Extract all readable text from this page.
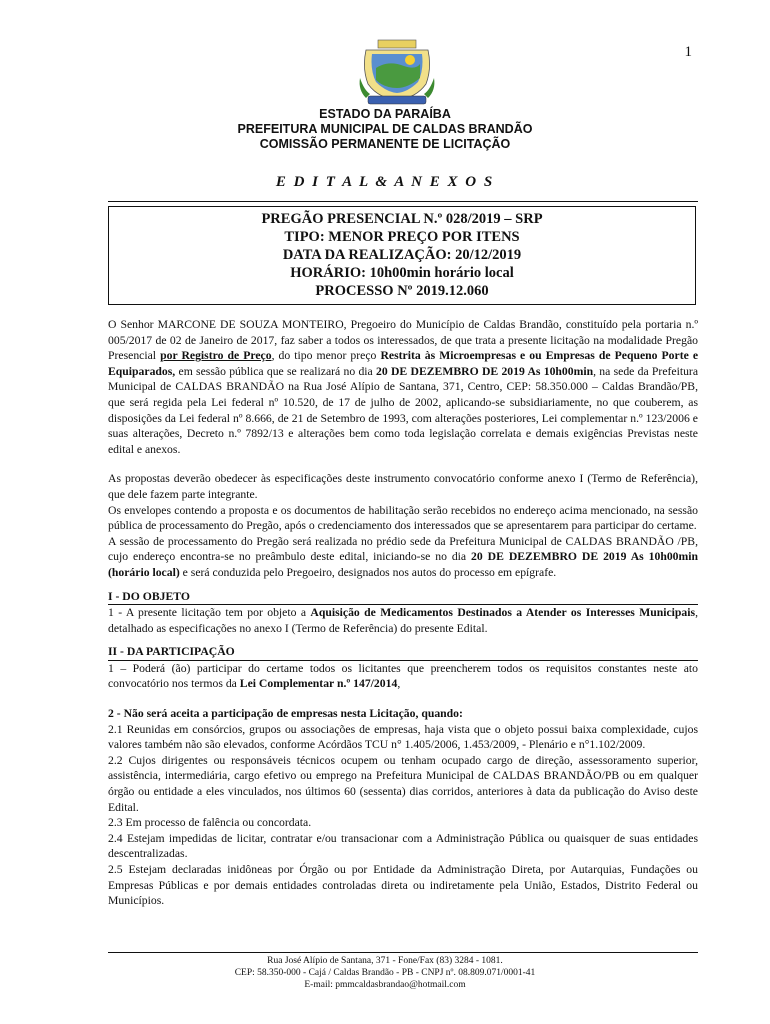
1
ESTADO DA PARAÍBA
PREFEITURA MUNICIPAL DE CALDAS BRANDÃO
COMISSÃO PERMANENTE DE LICITAÇÃO
E D I T A L & A N E X O S
PREGÃO PRESENCIAL N.º 028/2019 – SRP
TIPO: MENOR PREÇO POR ITENS
DATA DA REALIZAÇÃO: 20/12/2019
HORÁRIO: 10h00min horário local
PROCESSO Nº 2019.12.060

O Senhor MARCONE DE SOUZA MONTEIRO, Pregoeiro do Município de Caldas Brandão, constituído pela portaria n.º 005/2017 de 02 de Janeiro de 2017, faz saber a todos os interessados, de que trata a presente licitação na modalidade Pregão Presencial por Registro de Preço, do tipo menor preço Restrita às Microempresas e ou Empresas de Pequeno Porte e Equiparados, em sessão pública que se realizará no dia 20 DE DEZEMBRO DE 2019 As 10h00min, na sede da Prefeitura Municipal de CALDAS BRANDÃO na Rua José Alípio de Santana, 371, Centro, CEP: 58.350.000 – Caldas Brandão/PB, que será regida pela Lei federal nº 10.520, de 17 de julho de 2002, aplicando-se subsidiariamente, no que couberem, as disposições da Lei federal nº 8.666, de 21 de Setembro de 1993, com alterações posteriores, Lei complementar n.º 123/2006 e suas alterações, Decreto n.º 7892/13 e alterações bem como toda legislação correlata e demais exigências Previstas neste edital e anexos.

As propostas deverão obedecer às especificações deste instrumento convocatório conforme anexo I (Termo de Referência), que dele fazem parte integrante.

Os envelopes contendo a proposta e os documentos de habilitação serão recebidos no endereço acima mencionado, na sessão pública de processamento do Pregão, após o credenciamento dos interessados que se apresentarem para participar do certame.

A sessão de processamento do Pregão será realizada no prédio sede da Prefeitura Municipal de CALDAS BRANDÃO /PB, cujo endereço encontra-se no preâmbulo deste edital, iniciando-se no dia 20 DE DEZEMBRO DE 2019 As 10h00min (horário local) e será conduzida pelo Pregoeiro, designados nos autos do processo em epígrafe.

I - DO OBJETO

1 - A presente licitação tem por objeto a Aquisição de Medicamentos Destinados a Atender os Interesses Municipais, detalhado as especificações no anexo I (Termo de Referência) do presente Edital.

II - DA PARTICIPAÇÃO

1 – Poderá (ão) participar do certame todos os licitantes que preencherem todos os requisitos constantes neste ato convocatório nos termos da Lei Complementar n.º 147/2014,

2 - Não será aceita a participação de empresas nesta Licitação, quando:

2.1 Reunidas em consórcios, grupos ou associações de empresas, haja vista que o objeto possui baixa complexidade, cujos valores também não são elevados, conforme Acórdãos TCU n° 1.405/2006, 1.453/2009, - Plenário e n°1.102/2009.

2.2 Cujos dirigentes ou responsáveis técnicos ocupem ou tenham ocupado cargo de direção, assessoramento superior, assistência, intermediária, cargo efetivo ou emprego na Prefeitura Municipal de CALDAS BRANDÃO/PB ou em qualquer órgão ou entidade a eles vinculados, nos últimos 60 (sessenta) dias corridos, anteriores à data da publicação do Aviso deste Edital.

2.3 Em processo de falência ou concordata.

2.4 Estejam impedidas de licitar, contratar e/ou transacionar com a Administração Pública ou quaisquer de suas entidades descentralizadas.

2.5 Estejam declaradas inidôneas por Órgão ou por Entidade da Administração Direta, por Autarquias, Fundações ou Empresas Públicas e por demais entidades controladas direta ou indiretamente pela União, Estados, Distrito Federal ou Municípios.

Rua José Alípio de Santana, 371 - Fone/Fax (83) 3284 - 1081.
CEP: 58.350-000 - Cajá / Caldas Brandão - PB - CNPJ nº. 08.809.071/0001-41
E-mail: pmmcaldasbrandao@hotmail.com
